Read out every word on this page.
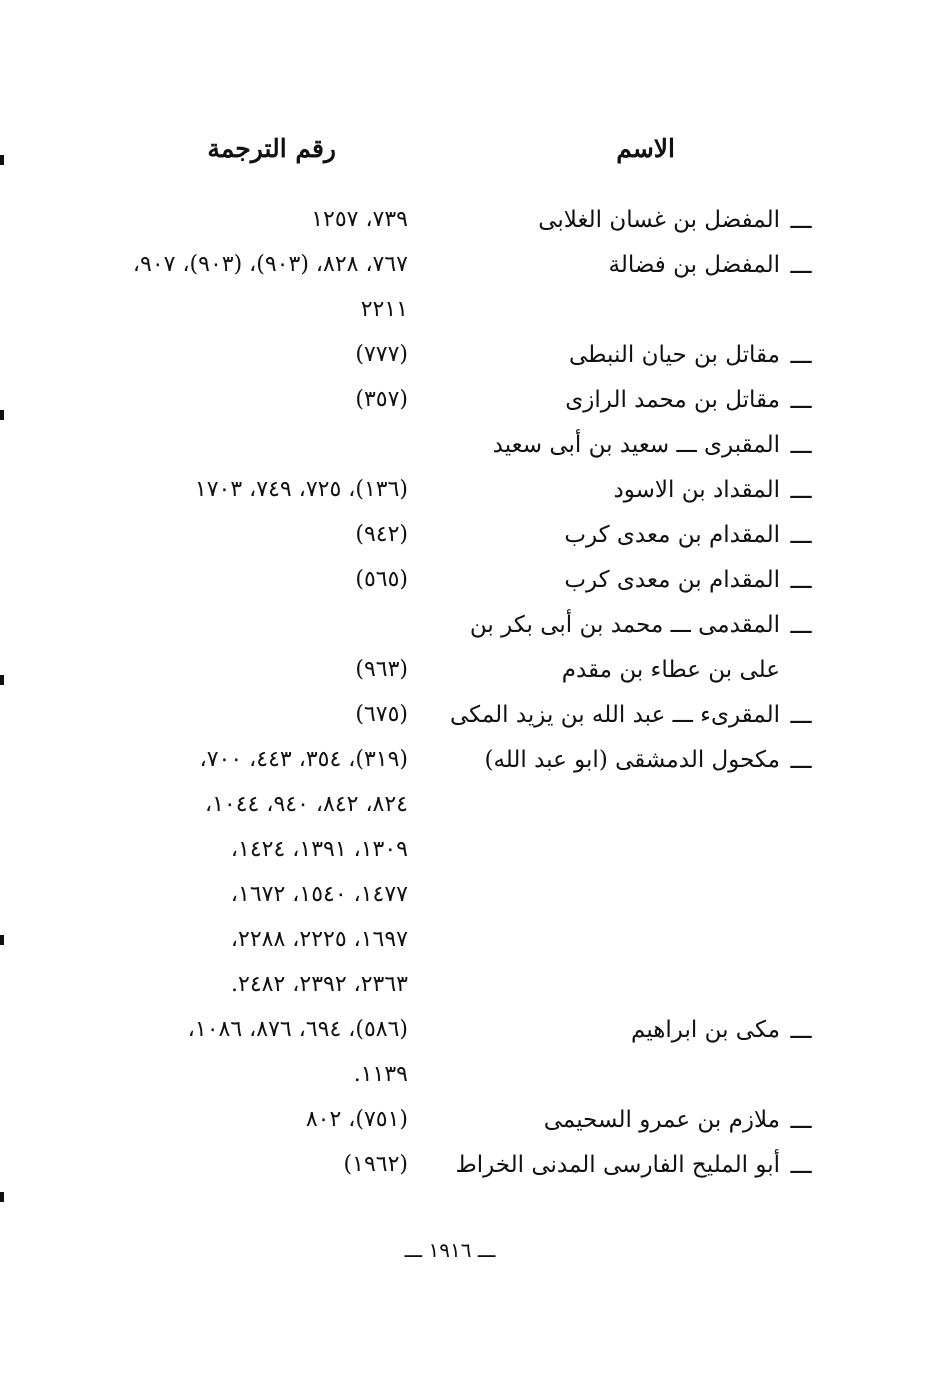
الاسم
رقم الترجمة
ـــ
المفضل بن غسان الغلابى
٧٣٩، ١٢٥٧
ـــ
المفضل بن فضالة
٧٦٧، ٨٢٨، (٩٠٣)، (٩٠٣)، ٩٠٧،
٢٢١١
ـــ
مقاتل بن حيان النبطى
(٧٧٧)
ـــ
مقاتل بن محمد الرازى
(٣٥٧)
ـــ
المقبرى ـــ سعيد بن أبى سعيد
ـــ
المقداد بن الاسود
(١٣٦)، ٧٢٥، ٧٤٩، ١٧٠٣
ـــ
المقدام بن معدى كرب
(٩٤٢)
ـــ
المقدام بن معدى كرب
(٥٦٥)
ـــ
المقدمى ـــ محمد بن أبى بكر بن
على بن عطاء بن مقدم
(٩٦٣)
ـــ
المقرىء ـــ عبد الله بن يزيد المكى
(٦٧٥)
ـــ
مكحول الدمشقى (ابو عبد الله)
(٣١٩)، ٣٥٤، ٤٤٣، ٧٠٠،
٨٢٤، ٨٤٢، ٩٤٠، ١٠٤٤،
١٣٠٩، ١٣٩١، ١٤٢٤،
١٤٧٧، ١٥٤٠، ١٦٧٢،
١٦٩٧، ٢٢٢٥، ٢٢٨٨،
٢٣٦٣، ٢٣٩٢، ٢٤٨٢.
ـــ
مكى بن ابراهيم
(٥٨٦)، ٦٩٤، ٨٧٦، ١٠٨٦،
١١٣٩.
ـــ
ملازم بن عمرو السحيمى
(٧٥١)، ٨٠٢
ـــ
أبو المليح الفارسى المدنى الخراط
(١٩٦٢)
ـــ ١٩١٦ ـــ
